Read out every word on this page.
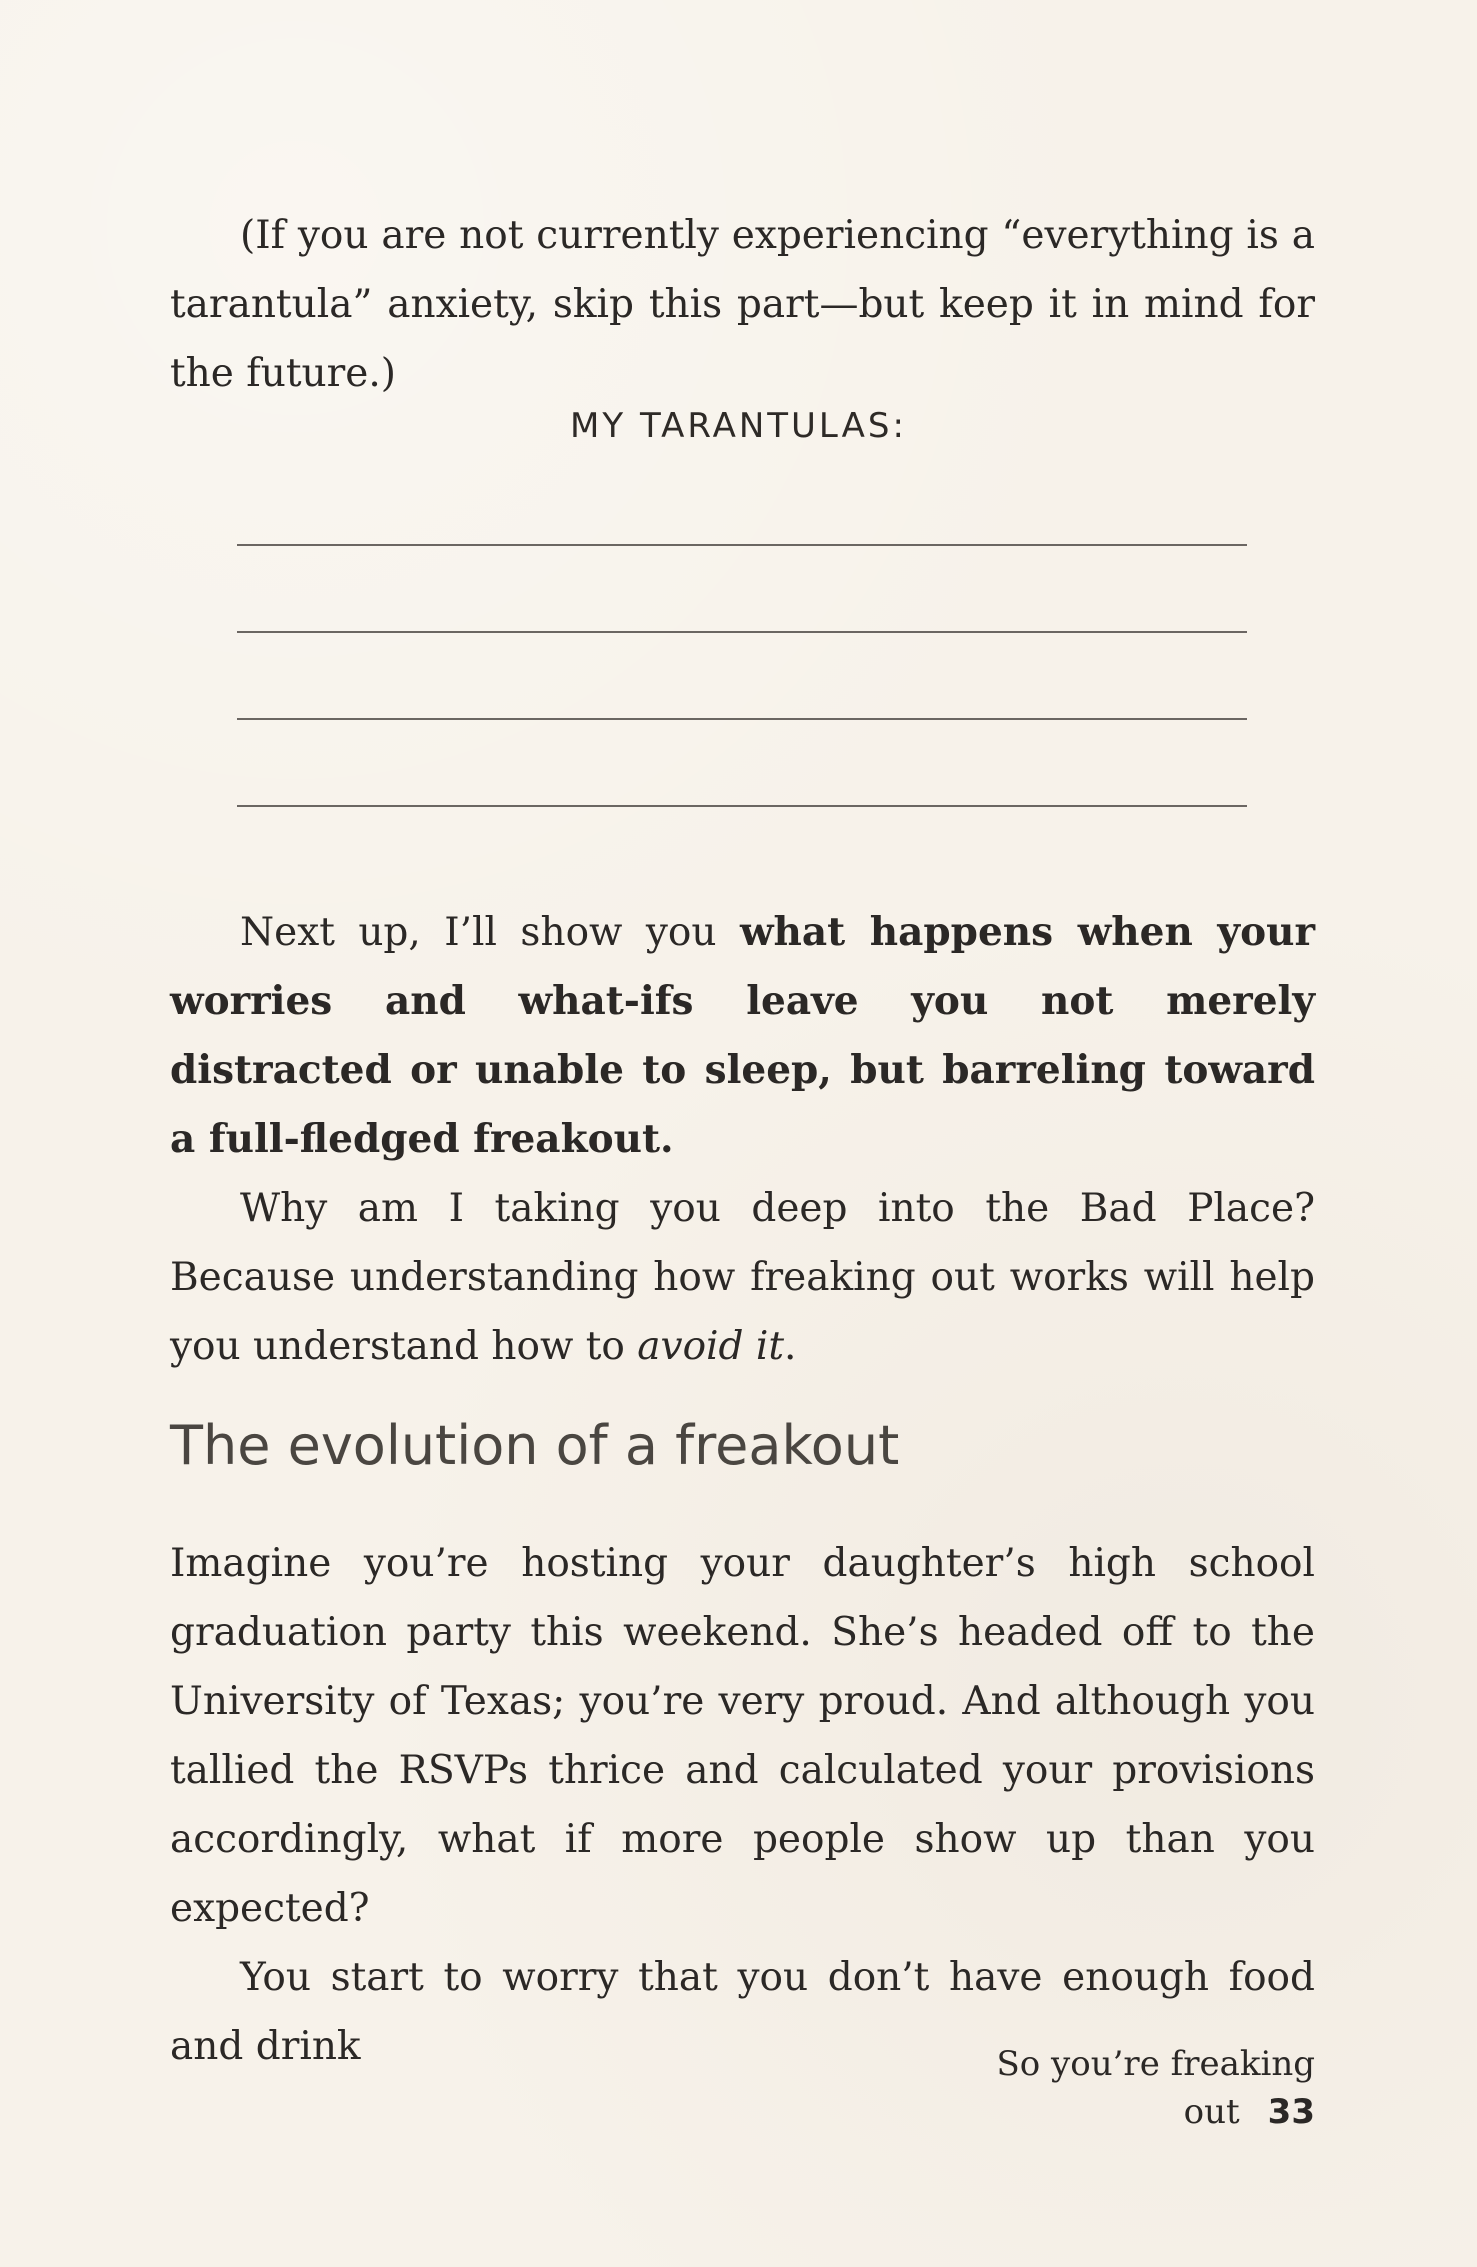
(If you are not currently experiencing “everything is a tarantula” anxiety, skip this part—but keep it in mind for the future.)

MY TARANTULAS:

Next up, I’ll show you what happens when your worries and what-ifs leave you not merely distracted or unable to sleep, but barreling toward a full-fledged freakout.

Why am I taking you deep into the Bad Place? Because understanding how freaking out works will help you understand how to avoid it.

The evolution of a freakout

Imagine you’re hosting your daughter’s high school graduation party this weekend. She’s headed off to the University of Texas; you’re very proud. And although you tallied the RSVPs thrice and calculated your provisions accordingly, what if more people show up than you expected?

You start to worry that you don’t have enough food and drink	So you’re freaking out 33
